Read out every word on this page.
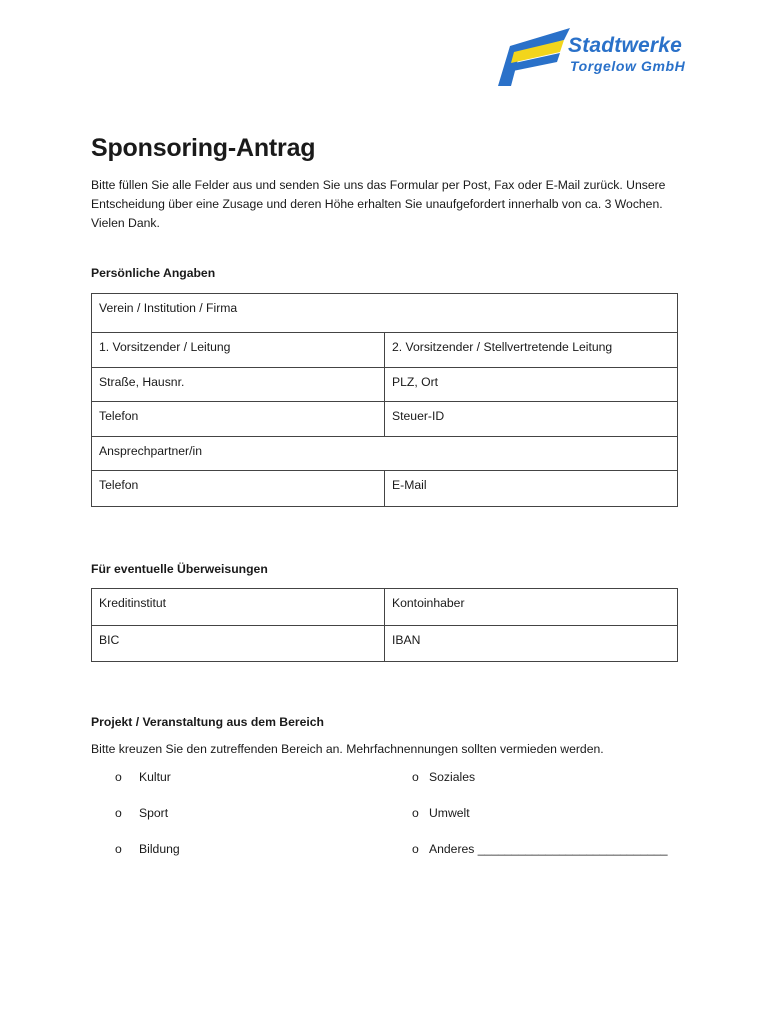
Stadtwerke
Torgelow GmbH
Sponsoring-Antrag

Bitte füllen Sie alle Felder aus und senden Sie uns das Formular per Post, Fax oder E-Mail zurück. Unsere Entscheidung über eine Zusage und deren Höhe erhalten Sie unaufgefordert innerhalb von ca. 3 Wochen. Vielen Dank.

Persönliche Angaben
Verein / Institution / Firma	
1. Vorsitzender / Leitung	2. Vorsitzender / Stellvertretende Leitung
Straße, Hausnr.	PLZ, Ort
Telefon	Steuer-ID
Ansprechpartner/in	
Telefon	E-Mail
Für eventuelle Überweisungen
Kreditinstitut	Kontoinhaber
BIC	IBAN
Projekt / Veranstaltung aus dem Bereich

Bitte kreuzen Sie den zutreffenden Bereich an. Mehrfachnennungen sollten vermieden werden.

o Kultur	o Soziales
o Sport	o Umwelt
o Bildung	o Anderes ____________________________
